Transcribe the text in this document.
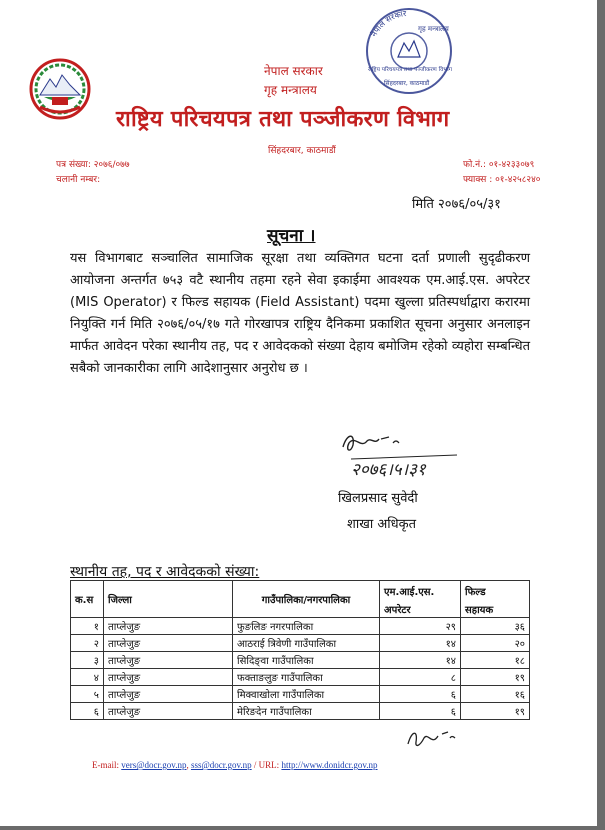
नेपाल सरकार
गृह मन्त्रालय
राष्ट्रिय परिचयपत्र तथा पञ्जीकरण विभाग
सिंहदरबार, काठमाडौं
नेपाल सरकार
गृह मन्त्रालय
राष्ट्रिय परिचयपत्र तथा पञ्जीकरण विभाग
सिंहदरबार, काठमाडौं
पत्र संख्या: २०७६/०७७
चलानी नम्बर:
फो.नं.: ०१-४२३३०७९
फ्याक्स : ०१-४२५८२४०
मिति २०७६/०५/३१
सूचना ।
यस विभागबाट सञ्चालित सामाजिक सूरक्षा तथा व्यक्तिगत घटना दर्ता प्रणाली सुदृढीकरण आयोजना अन्तर्गत ७५३ वटै स्थानीय तहमा रहने सेवा इकाईमा आवश्यक एम.आई.एस. अपरेटर (MIS Operator) र फिल्ड सहायक (Field Assistant) पदमा खुल्ला प्रतिस्पर्धाद्वारा करारमा नियुक्ति गर्न मिति २०७६/०५/१७ गते गोरखापत्र राष्ट्रिय दैनिकमा प्रकाशित सूचना अनुसार अनलाइन मार्फत आवेदन परेका स्थानीय तह, पद र आवेदकको संख्या देहाय बमोजिम रहेको व्यहोरा सम्बन्धित सबैको जानकारीका लागि आदेशानुसार अनुरोध छ ।
२०७६।५।३१
खिलप्रसाद सुवेदी
शाखा अधिकृत
स्थानीय तह, पद र आवेदकको संख्या:
क.स	जिल्ला	गाउँपालिका/नगरपालिका	एम.आई.एस.	फिल्ड
			अपरेटर	सहायक
१	ताप्लेजुङ	फुङलिङ नगरपालिका	२९	३६
२	ताप्लेजुङ	आठराई त्रिवेणी गाउँपालिका	१४	२०
३	ताप्लेजुङ	सिदिङ्वा गाउँपालिका	१४	१८
४	ताप्लेजुङ	फक्ताङलुङ गाउँपालिका	८	१९
५	ताप्लेजुङ	मिक्वाखोला गाउँपालिका	६	१६
६	ताप्लेजुङ	मेरिङदेन गाउँपालिका	६	१९
E-mail: vers@docr.gov.np, sss@docr.gov.np / URL: http://www.donidcr.gov.np
